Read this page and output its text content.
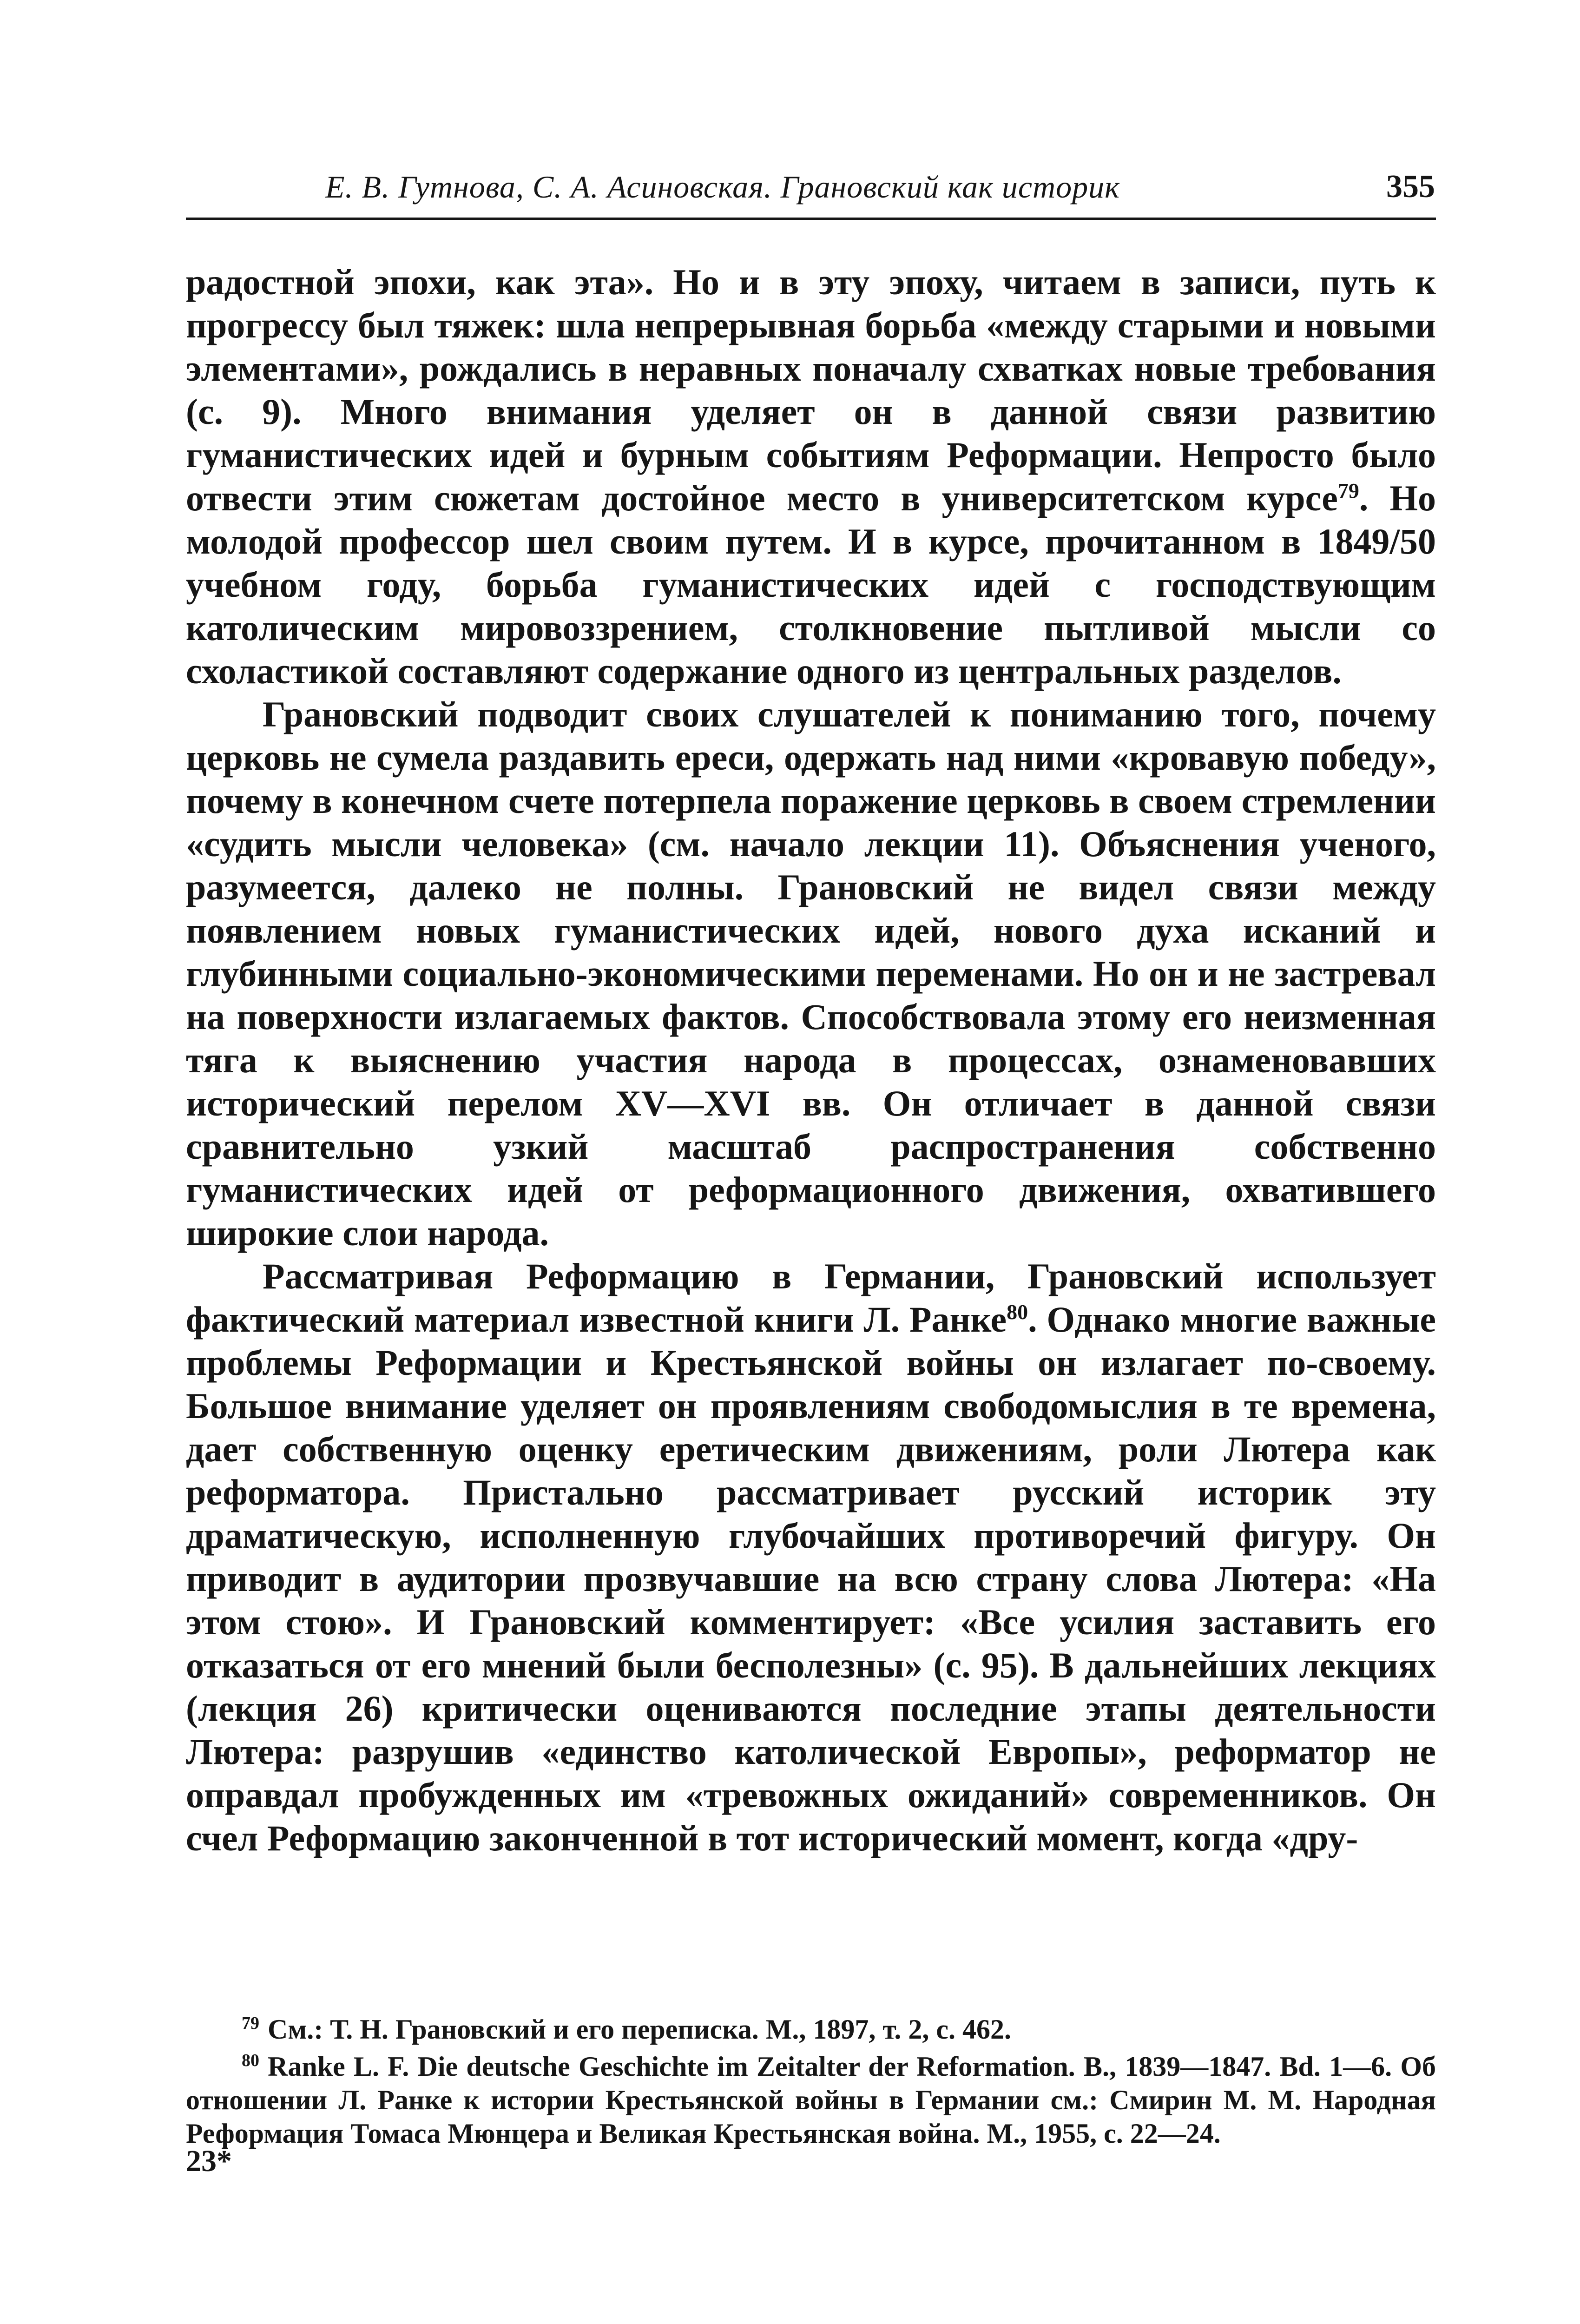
Е. В. Гутнова, С. А. Асиновская. Грановский как историк	355

радостной эпохи, как эта». Но и в эту эпоху, читаем в записи, путь к прогрессу был тяжек: шла непрерывная борьба «между старыми и новыми элементами», рождались в неравных поначалу схватках новые требования (с. 9). Много внимания уделяет он в данной связи развитию гуманистических идей и бурным событиям Реформации. Непросто было отвести этим сюжетам достойное место в университетском курсе$^{79}$. Но молодой профессор шел своим путем. И в курсе, прочитанном в 1849/50 учебном году, борьба гуманистических идей с господствующим католическим мировоззрением, столкновение пытливой мысли со схоластикой составляют содержание одного из центральных разделов.

Грановский подводит своих слушателей к пониманию того, почему церковь не сумела раздавить ереси, одержать над ними «кровавую победу», почему в конечном счете потерпела поражение церковь в своем стремлении «судить мысли человека» (см. начало лекции 11). Объяснения ученого, разумеется, далеко не полны. Грановский не видел связи между появлением новых гуманистических идей, нового духа исканий и глубинными социально-экономическими переменами. Но он и не застревал на поверхности излагаемых фактов. Способствовала этому его неизменная тяга к выяснению участия народа в процессах, ознаменовавших исторический перелом XV—XVI вв. Он отличает в данной связи сравнительно узкий масштаб распространения собственно гуманистических идей от реформационного движения, охватившего широкие слои народа.

Рассматривая Реформацию в Германии, Грановский использует фактический материал известной книги Л. Ранке$^{80}$. Однако многие важные проблемы Реформации и Крестьянской войны он излагает по-своему. Большое внимание уделяет он проявлениям свободомыслия в те времена, дает собственную оценку еретическим движениям, роли Лютера как реформатора. Пристально рассматривает русский историк эту драматическую, исполненную глубочайших противоречий фигуру. Он приводит в аудитории прозвучавшие на всю страну слова Лютера: «На этом стою». И Грановский комментирует: «Все усилия заставить его отказаться от его мнений были бесполезны» (с. 95). В дальнейших лекциях (лекция 26) критически оцениваются последние этапы деятельности Лютера: разрушив «единство католической Европы», реформатор не оправдал пробужденных им «тревожных ожиданий» современников. Он счел Реформацию законченной в тот исторический момент, когда «дру-

$^{79}$ См.: Т. Н. Грановский и его переписка. М., 1897, т. 2, с. 462.

$^{80}$ Ranke L. F. Die deutsche Geschichte im Zeitalter der Reformation. B., 1839—1847. Bd. 1—6. Об отношении Л. Ранке к истории Крестьянской войны в Германии см.: Смирин М. М. Народная Реформация Томаса Мюнцера и Великая Крестьянская война. М., 1955, с. 22—24.

23*
